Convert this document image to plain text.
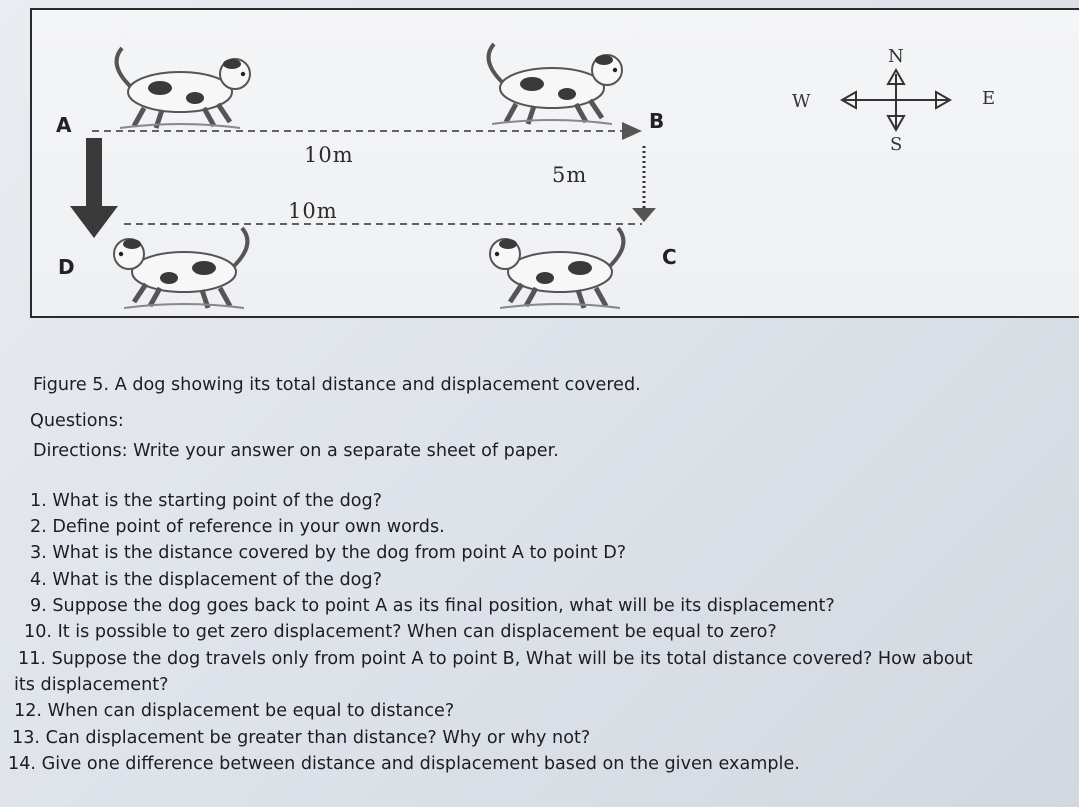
A	B
C
D
10m
5m
10m
N
E
S
W
Figure 5. A dog showing its total distance and displacement covered.
Questions:
Directions: Write your answer on a separate sheet of paper.
1. What is the starting point of the dog?
2. Define point of reference in your own words.
3. What is the distance covered by the dog from point A to point D?
4. What is the displacement of the dog?
9. Suppose the dog goes back to point A as its final position, what will be its displacement?
10. It is possible to get zero displacement? When can displacement be equal to zero?
11. Suppose the dog travels only from point A to point B, What will be its total distance covered? How about
its displacement?
12. When can displacement be equal to distance?
13. Can displacement be greater than distance? Why or why not?
14. Give one difference between distance and displacement based on the given example.
